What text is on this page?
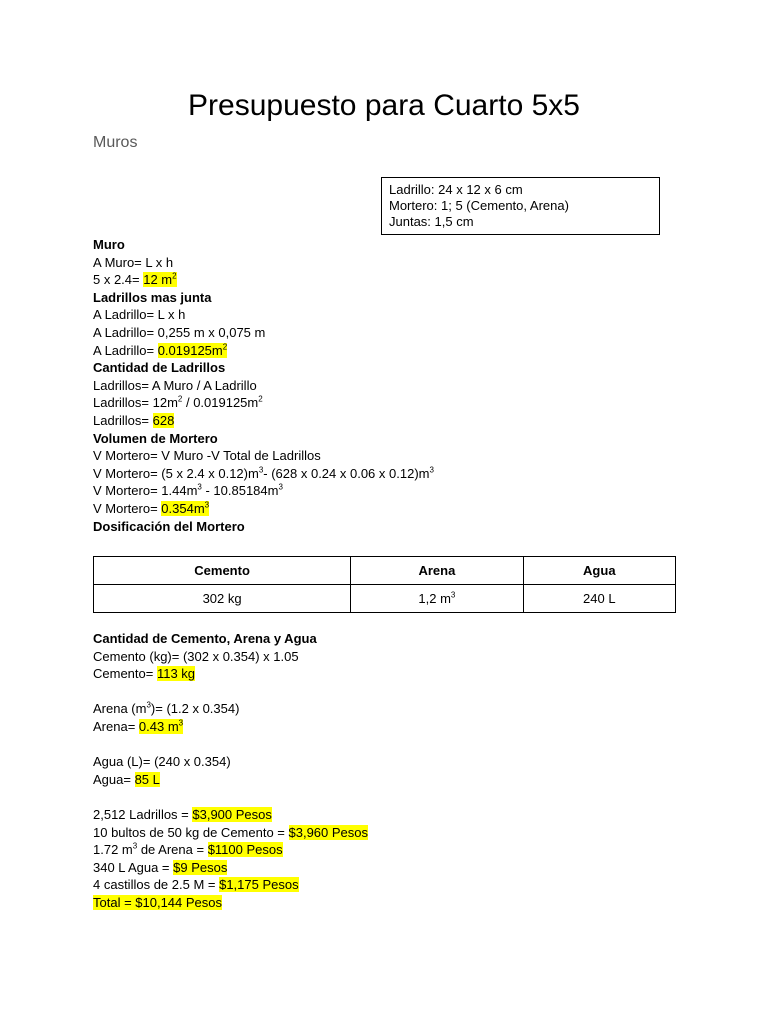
Presupuesto para Cuarto 5x5
Muros
Ladrillo: 24 x 12 x 6 cm
Mortero: 1; 5 (Cemento, Arena)
Juntas: 1,5 cm
Muro
A Muro= L x h
5 x 2.4= 12 $m^2$
Ladrillos mas junta
A Ladrillo= L x h
A Ladrillo= 0,255 m x 0,075 m
A Ladrillo= $0.019125m^2$
Cantidad de Ladrillos
Ladrillos= A Muro / A Ladrillo
Ladrillos= $12m^2 / 0.019125m^2$
Ladrillos= 628
Volumen de Mortero
V Mortero= V Muro -V Total de Ladrillos
V Mortero= (5 x 2.4 x $0.12)m^3-$ (628 x 0.24 x 0.06 x $0.12)m^3$
V Mortero= $1.44m^3 - 10.85184m^3$
V Mortero= $0.354m^3$
Dosificación del Mortero
Cemento	Arena	Agua
302 kg	1,2 $m^3$	240 L
Cantidad de Cemento, Arena y Agua
Cemento (kg)= (302 x 0.354) x 1.05
Cemento= 113 kg
Arena $(m^3)= (1.2$ x 0.354)
Arena= 0.43 $m^3$
Agua (L)= (240 x 0.354)
Agua= 85 L
2,512 Ladrillos = $3,900 Pesos
10 bultos de 50 kg de Cemento = $3,960 Pesos
1.72 $m^3$ de Arena = $1100 Pesos
340 L Agua = $9 Pesos
4 castillos de 2.5 M = $1,175 Pesos
Total = $10,144 Pesos
